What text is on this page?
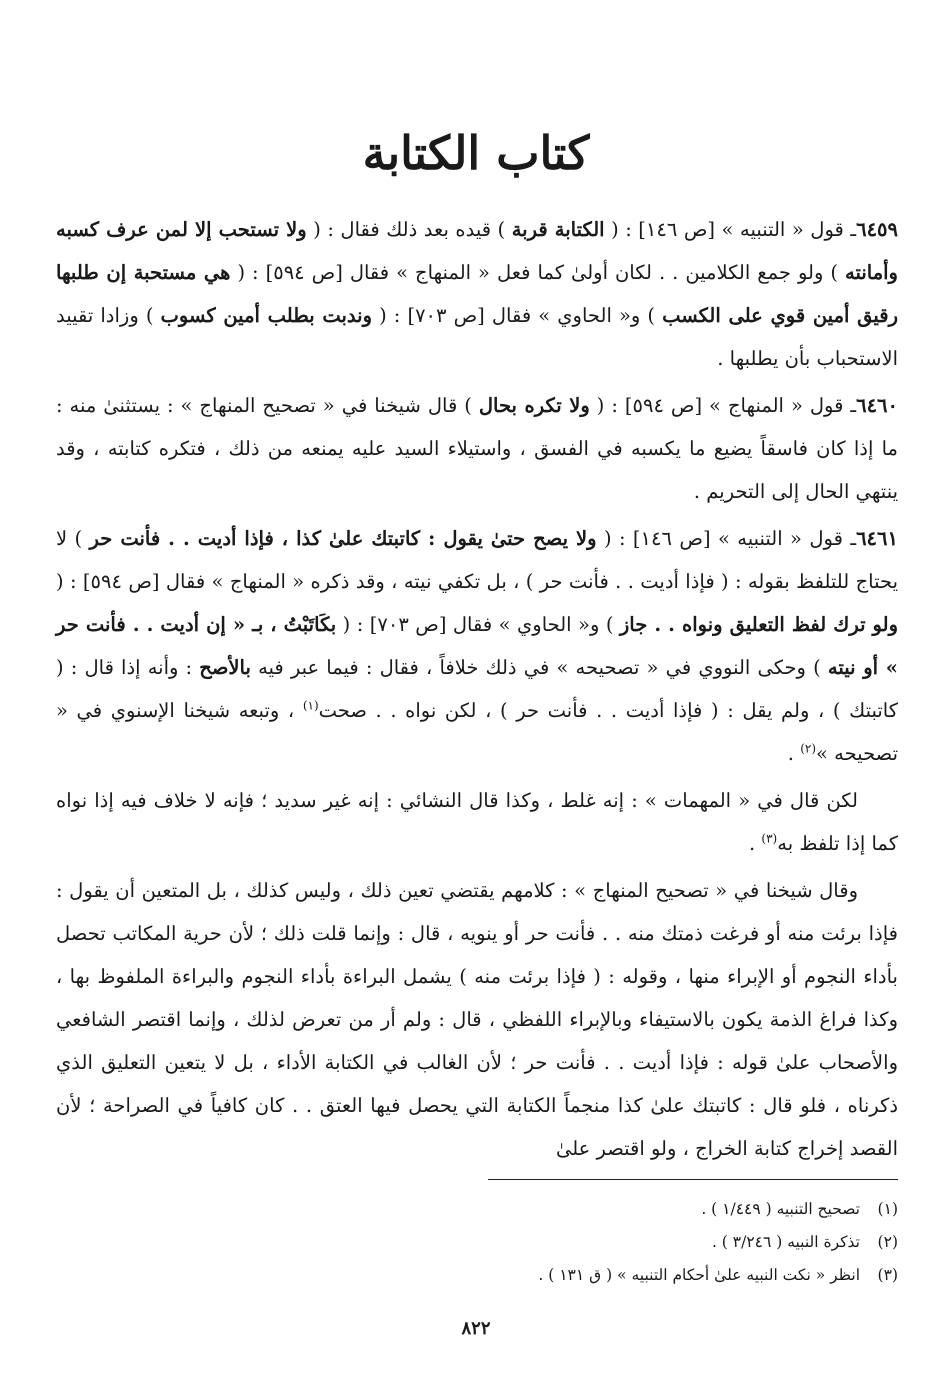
كتاب الكتابة

٦٤٥٩ـ قول « التنبيه » [ص ١٤٦] : ( الكتابة قربة ) قيده بعد ذلك فقال : ( ولا تستحب إلا لمن عرف كسبه وأمانته ) ولو جمع الكلامين . . لكان أولىٰ كما فعل « المنهاج » فقال [ص ٥٩٤] : ( هي مستحبة إن طلبها رقيق أمين قوي على الكسب ) و« الحاوي » فقال [ص ٧٠٣] : ( وندبت بطلب أمين كسوب ) وزادا تقييد الاستحباب بأن يطلبها .

٦٤٦٠ـ قول « المنهاج » [ص ٥٩٤] : ( ولا تكره بحال ) قال شيخنا في « تصحيح المنهاج » : يستثنىٰ منه : ما إذا كان فاسقاً يضيع ما يكسبه في الفسق ، واستيلاء السيد عليه يمنعه من ذلك ، فتكره كتابته ، وقد ينتهي الحال إلى التحريم .

٦٤٦١ـ قول « التنبيه » [ص ١٤٦] : ( ولا يصح حتىٰ يقول : كاتبتك علىٰ كذا ، فإذا أديت . . فأنت حر ) لا يحتاج للتلفظ بقوله : ( فإذا أديت . . فأنت حر ) ، بل تكفي نيته ، وقد ذكره « المنهاج » فقال [ص ٥٩٤] : ( ولو ترك لفظ التعليق ونواه . . جاز ) و« الحاوي » فقال [ص ٧٠٣] : ( بكَاتَبْتُ ، بـ « إن أديت . . فأنت حر » أو نيته ) وحكى النووي في « تصحيحه » في ذلك خلافاً ، فقال : فيما عبر فيه بالأصح : وأنه إذا قال : ( كاتبتك ) ، ولم يقل : ( فإذا أديت . . فأنت حر ) ، لكن نواه . . صحت$^{(١)}$ ، وتبعه شيخنا الإسنوي في « تصحيحه »$^{(٢)}$ .

لكن قال في « المهمات » : إنه غلط ، وكذا قال النشائي : إنه غير سديد ؛ فإنه لا خلاف فيه إذا نواه كما إذا تلفظ به$^{(٣)}$ .

وقال شيخنا في « تصحيح المنهاج » : كلامهم يقتضي تعين ذلك ، وليس كذلك ، بل المتعين أن يقول : فإذا برئت منه أو فرغت ذمتك منه . . فأنت حر أو ينويه ، قال : وإنما قلت ذلك ؛ لأن حرية المكاتب تحصل بأداء النجوم أو الإبراء منها ، وقوله : ( فإذا برئت منه ) يشمل البراءة بأداء النجوم والبراءة الملفوظ بها ، وكذا فراغ الذمة يكون بالاستيفاء وبالإبراء اللفظي ، قال : ولم أر من تعرض لذلك ، وإنما اقتصر الشافعي والأصحاب علىٰ قوله : فإذا أديت . . فأنت حر ؛ لأن الغالب في الكتابة الأداء ، بل لا يتعين التعليق الذي ذكرناه ، فلو قال : كاتبتك علىٰ كذا منجماً الكتابة التي يحصل فيها العتق . . كان كافياً في الصراحة ؛ لأن القصد إخراج كتابة الخراج ، ولو اقتصر علىٰ

(١)تصحيح التنبيه ( ١/٤٤٩ ) .
(٢)تذكرة النبيه ( ٣/٢٤٦ ) .
(٣)انظر « نكت النبيه علىٰ أحكام التنبيه » ( ق ١٣١ ) .
٨٢٢
